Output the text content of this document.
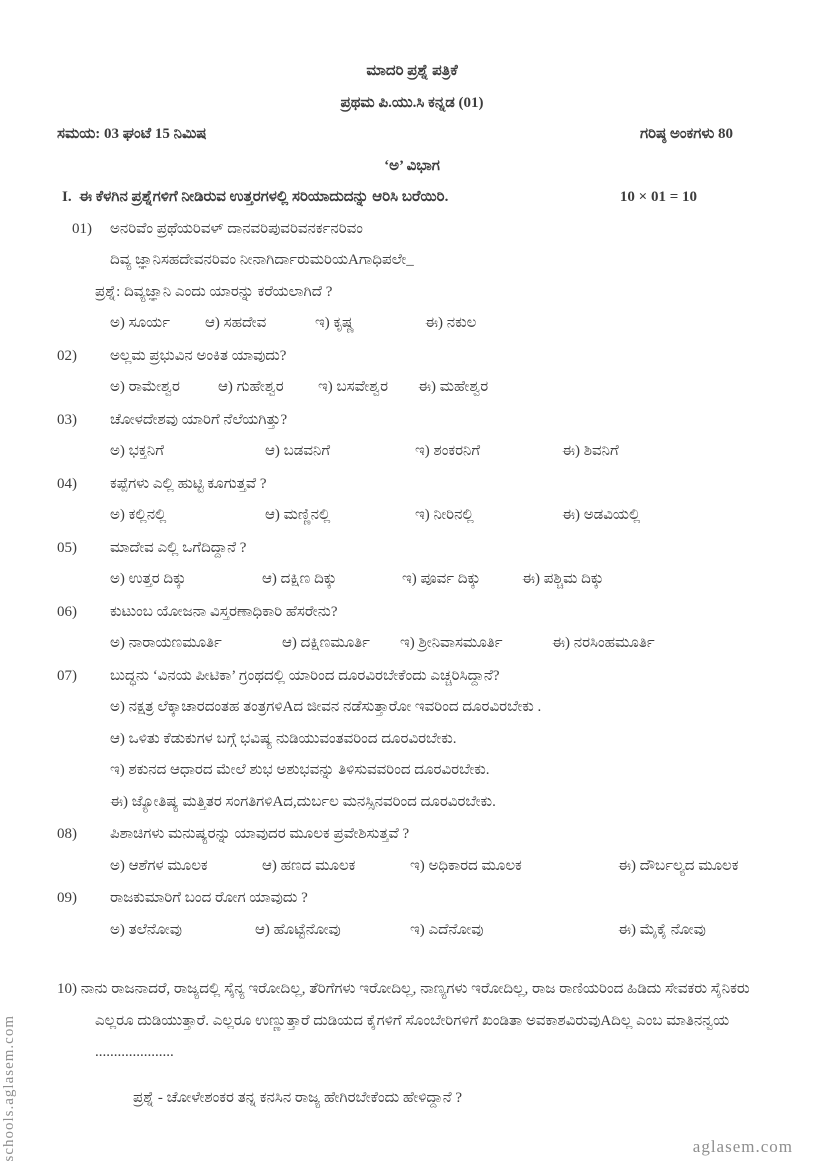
ಮಾದರಿ ಪ್ರಶ್ನೆ ಪತ್ರಿಕೆ
ಪ್ರಥಮ ಪಿ.ಯು.ಸಿ ಕನ್ನಡ (01)
ಸಮಯ: 03 ಘಂಟೆ 15 ನಿಮಿಷ	ಗರಿಷ್ಠ ಅಂಕಗಳು 80
‘ಅ’ ವಿಭಾಗ
I. ಈ ಕೆಳಗಿನ ಪ್ರಶ್ನೆಗಳಿಗೆ ನೀಡಿರುವ ಉತ್ತರಗಳಲ್ಲಿ ಸರಿಯಾದುದನ್ನು ಆರಿಸಿ ಬರೆಯಿರಿ.	10 × 01 = 10
01)	ಅನರಿವೆಂ ಪ್ರಥೆಯರಿವಳ್ ದಾನವರಿಪುವರಿವನರ್ಕನರಿವಂ
ದಿವ್ಯ ಜ್ಞಾನಿಸಹದೇವನರಿವಂ ನೀನಾಗಿರ್ದಾರುಮರಿಯAಗಾಧಿಪಲೇ_
ಪ್ರಶ್ನೆ: ದಿವ್ಯಜ್ಞಾನಿ ಎಂದು ಯಾರನ್ನು ಕರೆಯಲಾಗಿದೆ ?
ಅ) ಸೂರ್ಯ	ಆ) ಸಹದೇವ	ಇ) ಕೃಷ್ಣ	ಈ) ನಕುಲ
02)	ಅಲ್ಲಮ ಪ್ರಭುವಿನ ಅಂಕಿತ ಯಾವುದು?
ಅ) ರಾಮೇಶ್ವರ	ಆ) ಗುಹೇಶ್ವರ	ಇ) ಬಸವೇಶ್ವರ	ಈ) ಮಹೇಶ್ವರ
03)	ಚೋಳದೇಶವು ಯಾರಿಗೆ ನೆಲೆಯಗಿತ್ತು?
ಅ) ಭಕ್ತನಿಗೆ	ಆ) ಬಡವನಿಗೆ	ಇ) ಶಂಕರನಿಗೆ	ಈ) ಶಿವನಿಗೆ
04)	ಕಪ್ಪೆಗಳು ಎಲ್ಲಿ ಹುಟ್ಟಿ ಕೂಗುತ್ತವೆ ?
ಅ) ಕಲ್ಲಿನಲ್ಲಿ	ಆ) ಮಣ್ಣಿನಲ್ಲಿ	ಇ) ನೀರಿನಲ್ಲಿ	ಈ) ಅಡವಿಯಲ್ಲಿ
05)	ಮಾದೇವ ಎಲ್ಲಿ ಒಗೆದಿದ್ದಾನೆ ?
ಅ) ಉತ್ತರ ದಿಕ್ಕು	ಆ) ದಕ್ಷಿಣ ದಿಕ್ಕು	ಇ) ಪೂರ್ವ ದಿಕ್ಕು	ಈ) ಪಶ್ಚಿಮ ದಿಕ್ಕು
06)	ಕುಟುಂಬ ಯೋಜನಾ ವಿಸ್ತರಣಾಧಿಕಾರಿ ಹೆಸರೇನು?
ಅ) ನಾರಾಯಣಮೂರ್ತಿ	ಆ) ದಕ್ಷಿಣಮೂರ್ತಿ	ಇ) ಶ್ರೀನಿವಾಸಮೂರ್ತಿ	ಈ) ನರಸಿಂಹಮೂರ್ತಿ
07)	ಬುದ್ಧನು ‘ವಿನಯ ಪೀಟಿಕಾ’ ಗ್ರಂಥದಲ್ಲಿ ಯಾರಿಂದ ದೂರವಿರಬೇಕೆಂದು ಎಚ್ಚರಿಸಿದ್ದಾನೆ?
ಅ) ನಕ್ಷತ್ರ ಲೆಕ್ಕಾಚಾರದಂತಹ ತಂತ್ರಗಳಿAದ ಜೀವನ ನಡೆಸುತ್ತಾರೋ ಇವರಿಂದ ದೂರವಿರಬೇಕು .
ಆ) ಒಳಿತು ಕೆಡುಕುಗಳ ಬಗ್ಗೆ ಭವಿಷ್ಯ ನುಡಿಯುವಂತವರಿಂದ ದೂರವಿರಬೇಕು.
ಇ) ಶಕುನದ ಆಧಾರದ ಮೇಲೆ ಶುಭ ಅಶುಭವನ್ನು ತಿಳಿಸುವವರಿಂದ ದೂರವಿರಬೇಕು.
ಈ) ಜ್ಯೋತಿಷ್ಯ ಮತ್ತಿತರ ಸಂಗತಿಗಳಿAದ,ದುರ್ಬಲ ಮನಸ್ಸಿನವರಿಂದ ದೂರವಿರಬೇಕು.
08)	ಪಿಶಾಚಿಗಳು ಮನುಷ್ಯರನ್ನು ಯಾವುದರ ಮೂಲಕ ಪ್ರವೇಶಿಸುತ್ತವೆ ?
ಅ) ಆಶೆಗಳ ಮೂಲಕ	ಆ) ಹಣದ ಮೂಲಕ	ಇ) ಅಧಿಕಾರದ ಮೂಲಕ	ಈ) ದೌರ್ಬಲ್ಯದ ಮೂಲಕ
09)	ರಾಜಕುಮಾರಿಗೆ ಬಂದ ರೋಗ ಯಾವುದು ?
ಅ) ತಲೆನೋವು	ಆ) ಹೊಟ್ಟೆನೋವು	ಇ) ಎದೆನೋವು	ಈ) ಮೈಕೈ ನೋವು
10) ನಾನು ರಾಜನಾದರೆ, ರಾಜ್ಯದಲ್ಲಿ ಸೈನ್ಯ ಇರೋದಿಲ್ಲ, ತೆರಿಗೆಗಳು ಇರೋದಿಲ್ಲ, ನಾಣ್ಯಗಳು ಇರೋದಿಲ್ಲ, ರಾಜ ರಾಣಿಯರಿಂದ ಹಿಡಿದು ಸೇವಕರು ಸೈನಿಕರು ಎಲ್ಲರೂ ದುಡಿಯುತ್ತಾರೆ. ಎಲ್ಲರೂ ಉಣ್ಣುತ್ತಾರೆ ದುಡಿಯದ ಕೈಗಳಿಗೆ ಸೊಂಬೇರಿಗಳಿಗೆ ಖಂಡಿತಾ ಅವಕಾಶವಿರುವುAದಿಲ್ಲ ಎಂಬ ಮಾತಿನನ್ವಯ .....................
ಪ್ರಶ್ನೆ - ಚೋಳೇಶಂಕರ ತನ್ನ ಕನಸಿನ ರಾಜ್ಯ ಹೇಗಿರಬೇಕೆಂದು ಹೇಳಿದ್ದಾನೆ ?
schools.aglasem.com	aglasem.com
